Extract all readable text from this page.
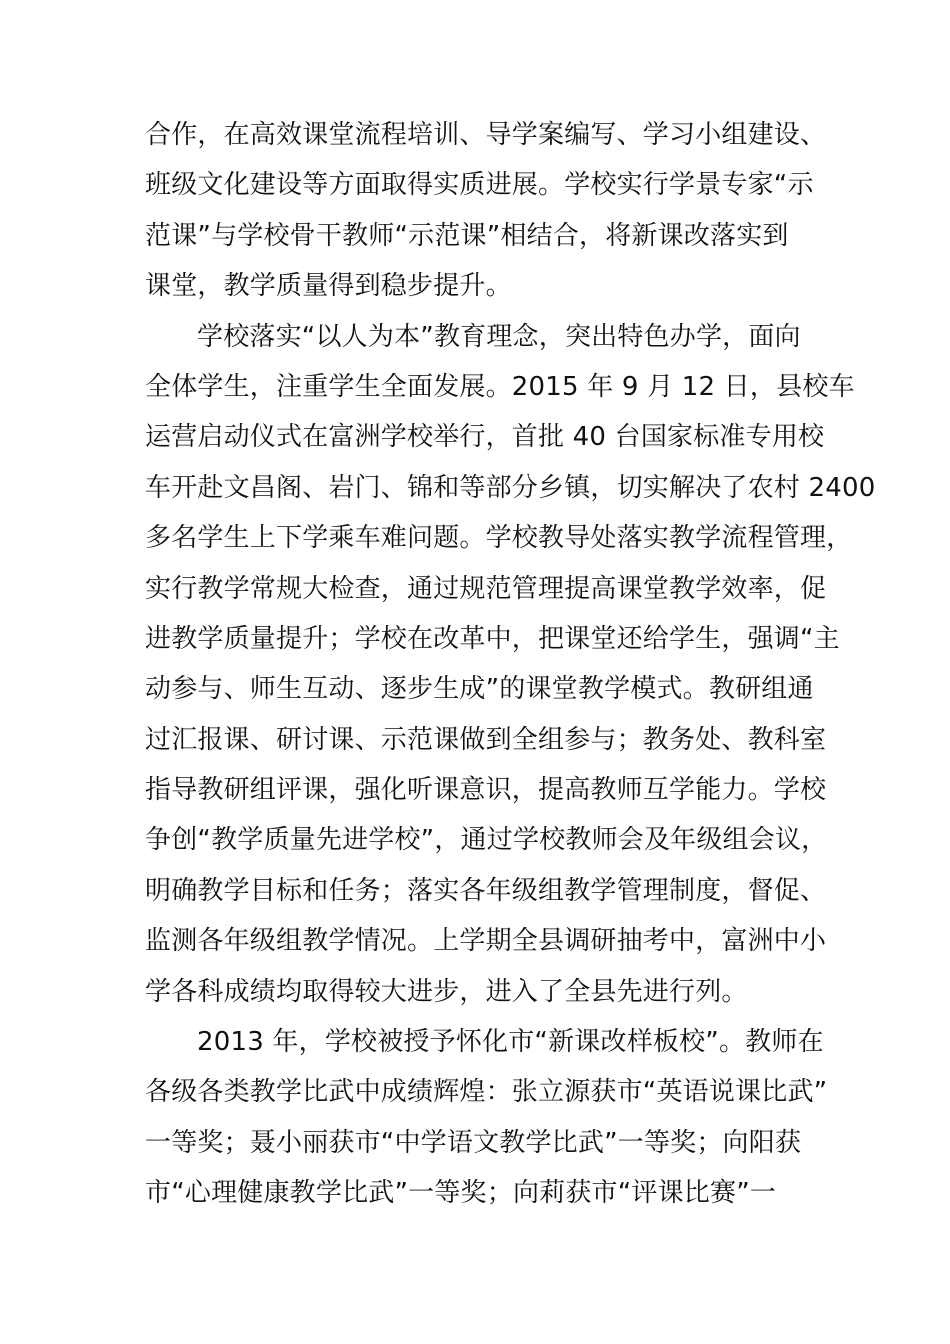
合作，在高效课堂流程培训、导学案编写、学习小组建设、
班级文化建设等方面取得实质进展。学校实行学景专家“示
范课”与学校骨干教师“示范课”相结合，将新课改落实到
课堂，教学质量得到稳步提升。
学校落实“以人为本”教育理念，突出特色办学，面向
全体学生，注重学生全面发展。2015 年 9 月 12 日，县校车
运营启动仪式在富洲学校举行，首批 40 台国家标准专用校
车开赴文昌阁、岩门、锦和等部分乡镇，切实解决了农村 2400
多名学生上下学乘车难问题。学校教导处落实教学流程管理，
实行教学常规大检查，通过规范管理提高课堂教学效率，促
进教学质量提升；学校在改革中，把课堂还给学生，强调“主
动参与、师生互动、逐步生成”的课堂教学模式。教研组通
过汇报课、研讨课、示范课做到全组参与；教务处、教科室
指导教研组评课，强化听课意识，提高教师互学能力。学校
争创“教学质量先进学校”，通过学校教师会及年级组会议，
明确教学目标和任务；落实各年级组教学管理制度，督促、
监测各年级组教学情况。上学期全县调研抽考中，富洲中小
学各科成绩均取得较大进步，进入了全县先进行列。
2013 年，学校被授予怀化市“新课改样板校”。教师在
各级各类教学比武中成绩辉煌：张立源获市“英语说课比武”
一等奖；聂小丽获市“中学语文教学比武”一等奖；向阳获
市“心理健康教学比武”一等奖；向莉获市“评课比赛”一
